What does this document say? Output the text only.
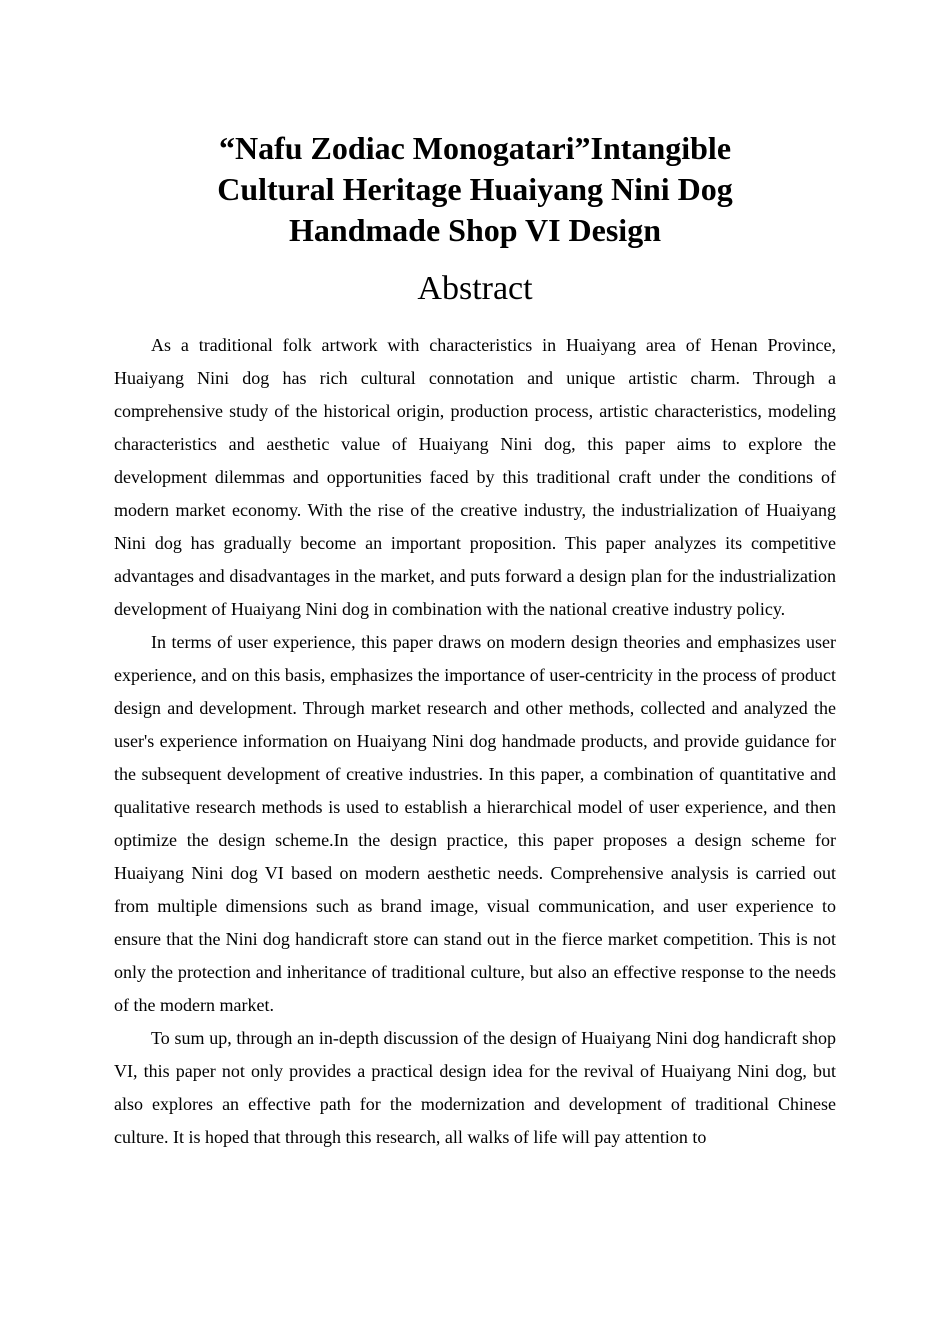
“Nafu Zodiac Monogatari”Intangible
Cultural Heritage Huaiyang Nini Dog
Handmade Shop VI Design
Abstract

As a traditional folk artwork with characteristics in Huaiyang area of Henan Province, Huaiyang Nini dog has rich cultural connotation and unique artistic charm. Through a comprehensive study of the historical origin, production process, artistic characteristics, modeling characteristics and aesthetic value of Huaiyang Nini dog, this paper aims to explore the development dilemmas and opportunities faced by this traditional craft under the conditions of modern market economy. With the rise of the creative industry, the industrialization of Huaiyang Nini dog has gradually become an important proposition. This paper analyzes its competitive advantages and disadvantages in the market, and puts forward a design plan for the industrialization development of Huaiyang Nini dog in combination with the national creative industry policy.

In terms of user experience, this paper draws on modern design theories and emphasizes user experience, and on this basis, emphasizes the importance of user-centricity in the process of product design and development. Through market research and other methods, collected and analyzed the user's experience information on Huaiyang Nini dog handmade products, and provide guidance for the subsequent development of creative industries. In this paper, a combination of quantitative and qualitative research methods is used to establish a hierarchical model of user experience, and then optimize the design scheme.In the design practice, this paper proposes a design scheme for Huaiyang Nini dog VI based on modern aesthetic needs. Comprehensive analysis is carried out from multiple dimensions such as brand image, visual communication, and user experience to ensure that the Nini dog handicraft store can stand out in the fierce market competition. This is not only the protection and inheritance of traditional culture, but also an effective response to the needs of the modern market.

To sum up, through an in-depth discussion of the design of Huaiyang Nini dog handicraft shop VI, this paper not only provides a practical design idea for the revival of Huaiyang Nini dog, but also explores an effective path for the modernization and development of traditional Chinese culture. It is hoped that through this research, all walks of life will pay attention to
